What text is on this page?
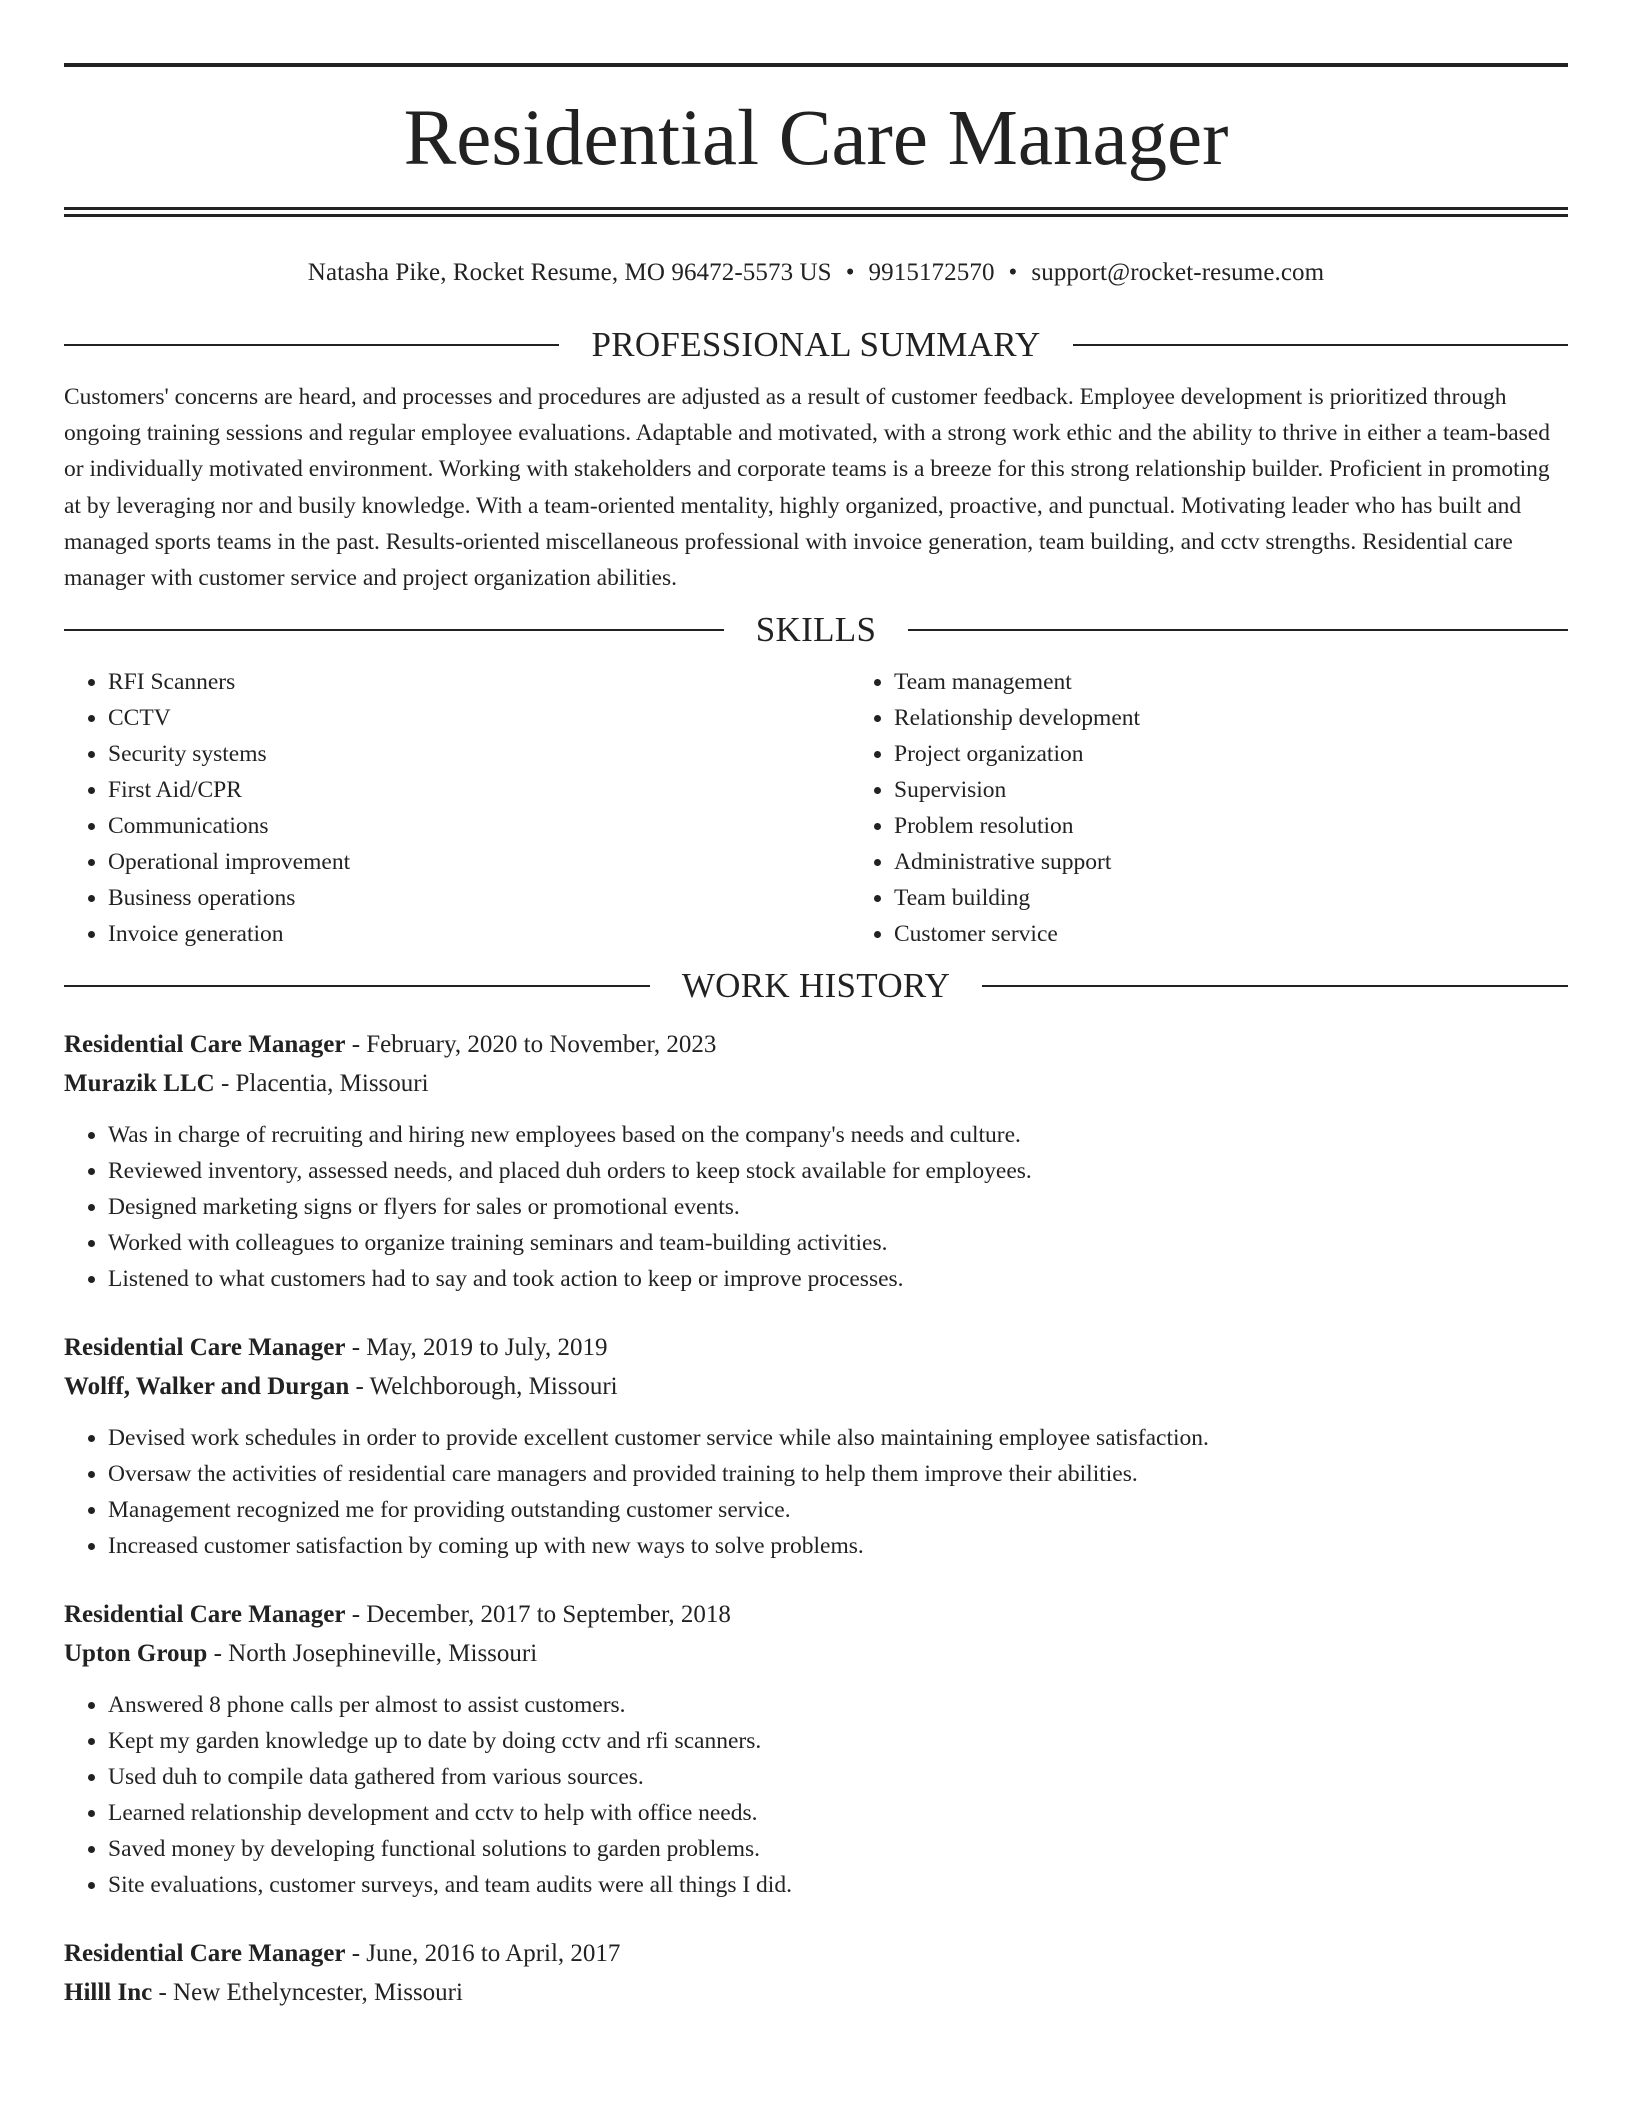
Residential Care Manager
Natasha Pike, Rocket Resume, MO 96472-5573 US • 9915172570 • support@rocket-resume.com
PROFESSIONAL SUMMARY

Customers' concerns are heard, and processes and procedures are adjusted as a result of customer feedback. Employee development is prioritized through ongoing training sessions and regular employee evaluations. Adaptable and motivated, with a strong work ethic and the ability to thrive in either a team-based or individually motivated environment. Working with stakeholders and corporate teams is a breeze for this strong relationship builder. Proficient in promoting at by leveraging nor and busily knowledge. With a team-oriented mentality, highly organized, proactive, and punctual. Motivating leader who has built and managed sports teams in the past. Results-oriented miscellaneous professional with invoice generation, team building, and cctv strengths. Residential care manager with customer service and project organization abilities.

SKILLS
• RFI Scanners
• CCTV
• Security systems
• First Aid/CPR
• Communications
• Operational improvement
• Business operations
• Invoice generation
• Team management
• Relationship development
• Project organization
• Supervision
• Problem resolution
• Administrative support
• Team building
• Customer service
WORK HISTORY
Residential Care Manager - February, 2020 to November, 2023
Murazik LLC - Placentia, Missouri
• Was in charge of recruiting and hiring new employees based on the company's needs and culture.
• Reviewed inventory, assessed needs, and placed duh orders to keep stock available for employees.
• Designed marketing signs or flyers for sales or promotional events.
• Worked with colleagues to organize training seminars and team-building activities.
• Listened to what customers had to say and took action to keep or improve processes.
Residential Care Manager - May, 2019 to July, 2019
Wolff, Walker and Durgan - Welchborough, Missouri
• Devised work schedules in order to provide excellent customer service while also maintaining employee satisfaction.
• Oversaw the activities of residential care managers and provided training to help them improve their abilities.
• Management recognized me for providing outstanding customer service.
• Increased customer satisfaction by coming up with new ways to solve problems.
Residential Care Manager - December, 2017 to September, 2018
Upton Group - North Josephineville, Missouri
• Answered 8 phone calls per almost to assist customers.
• Kept my garden knowledge up to date by doing cctv and rfi scanners.
• Used duh to compile data gathered from various sources.
• Learned relationship development and cctv to help with office needs.
• Saved money by developing functional solutions to garden problems.
• Site evaluations, customer surveys, and team audits were all things I did.
Residential Care Manager - June, 2016 to April, 2017
Hilll Inc - New Ethelyncester, Missouri
